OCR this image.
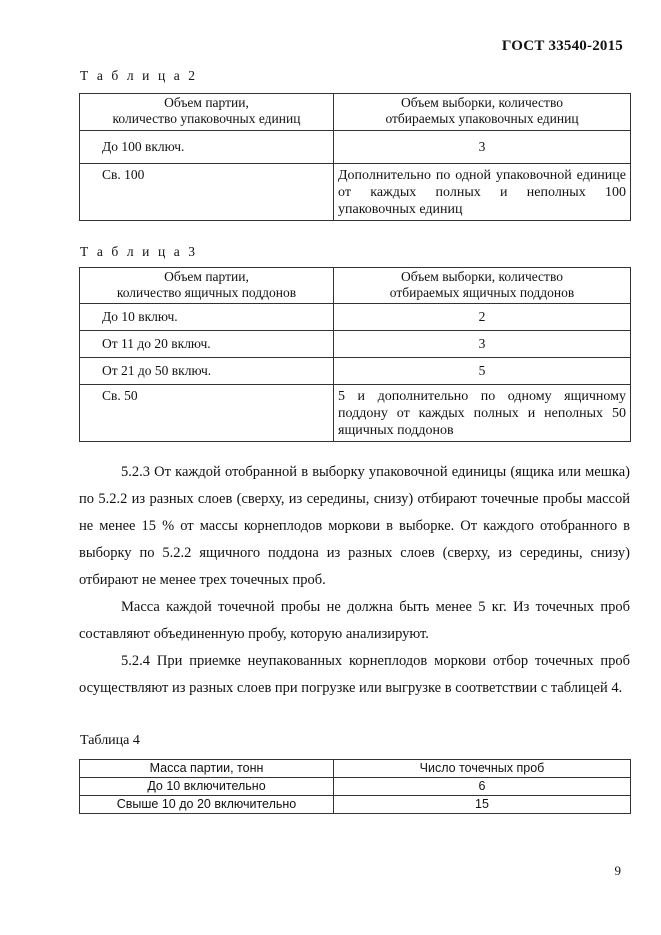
ГОСТ 33540-2015
Т а б л и ц а 2
Объем партии,
количество упаковочных единиц	Объем выборки, количество
отбираемых упаковочных единиц
До 100 включ.	3
Св. 100	Дополнительно по одной упаковочной единице от каждых полных и неполных 100 упаковочных единиц
Т а б л и ц а 3
Объем партии,
количество ящичных поддонов	Объем выборки, количество
отбираемых ящичных поддонов
До 10 включ.	2
От 11 до 20 включ.	3
От 21 до 50 включ.	5
Св. 50	5 и дополнительно по одному ящичному поддону от каждых полных и неполных 50 ящичных поддонов

5.2.3 От каждой отобранной в выборку упаковочной единицы (ящика или мешка) по 5.2.2 из разных слоев (сверху, из середины, снизу) отбирают точечные пробы массой не менее 15 % от массы корнеплодов моркови в выборке. От каждого отобранного в выборку по 5.2.2 ящичного поддона из разных слоев (сверху, из середины, снизу) отбирают не менее трех точечных проб.

Масса каждой точечной пробы не должна быть менее 5 кг. Из точечных проб составляют объединенную пробу, которую анализируют.

5.2.4 При приемке неупакованных корнеплодов моркови отбор точечных проб осуществляют из разных слоев при погрузке или выгрузке в соответствии с таблицей 4.

Таблица 4
Масса партии, тонн	Число точечных проб
До 10 включительно	6
Свыше 10 до 20 включительно	15
9
